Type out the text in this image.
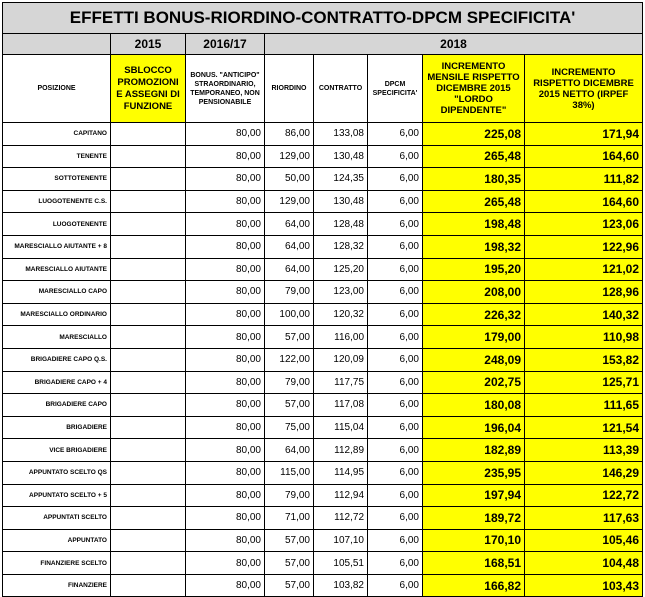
EFFETTI BONUS-RIORDINO-CONTRATTO-DPCM SPECIFICITA'							
	2015	2016/17	2018				
POSIZIONE	SBLOCCO PROMOZIONI E ASSEGNI DI FUNZIONE	BONUS. "ANTICIPO" STRAORDINARIO, TEMPORANEO, NON PENSIONABILE	RIORDINO	CONTRATTO	DPCM SPECIFICITA'	INCREMENTO MENSILE RISPETTO DICEMBRE 2015 "LORDO DIPENDENTE"	INCREMENTO RISPETTO DICEMBRE 2015 NETTO (IRPEF 38%)
CAPITANO		80,00	86,00	133,08	6,00	225,08	171,94
TENENTE		80,00	129,00	130,48	6,00	265,48	164,60
SOTTOTENENTE		80,00	50,00	124,35	6,00	180,35	111,82
LUOGOTENENTE C.S.		80,00	129,00	130,48	6,00	265,48	164,60
LUOGOTENENTE		80,00	64,00	128,48	6,00	198,48	123,06
MARESCIALLO AIUTANTE + 8		80,00	64,00	128,32	6,00	198,32	122,96
MARESCIALLO AIUTANTE		80,00	64,00	125,20	6,00	195,20	121,02
MARESCIALLO CAPO		80,00	79,00	123,00	6,00	208,00	128,96
MARESCIALLO ORDINARIO		80,00	100,00	120,32	6,00	226,32	140,32
MARESCIALLO		80,00	57,00	116,00	6,00	179,00	110,98
BRIGADIERE CAPO Q.S.		80,00	122,00	120,09	6,00	248,09	153,82
BRIGADIERE CAPO + 4		80,00	79,00	117,75	6,00	202,75	125,71
BRIGADIERE CAPO		80,00	57,00	117,08	6,00	180,08	111,65
BRIGADIERE		80,00	75,00	115,04	6,00	196,04	121,54
VICE BRIGADIERE		80,00	64,00	112,89	6,00	182,89	113,39
APPUNTATO SCELTO QS		80,00	115,00	114,95	6,00	235,95	146,29
APPUNTATO SCELTO + 5		80,00	79,00	112,94	6,00	197,94	122,72
APPUNTATI SCELTO		80,00	71,00	112,72	6,00	189,72	117,63
APPUNTATO		80,00	57,00	107,10	6,00	170,10	105,46
FINANZIERE SCELTO		80,00	57,00	105,51	6,00	168,51	104,48
FINANZIERE		80,00	57,00	103,82	6,00	166,82	103,43
